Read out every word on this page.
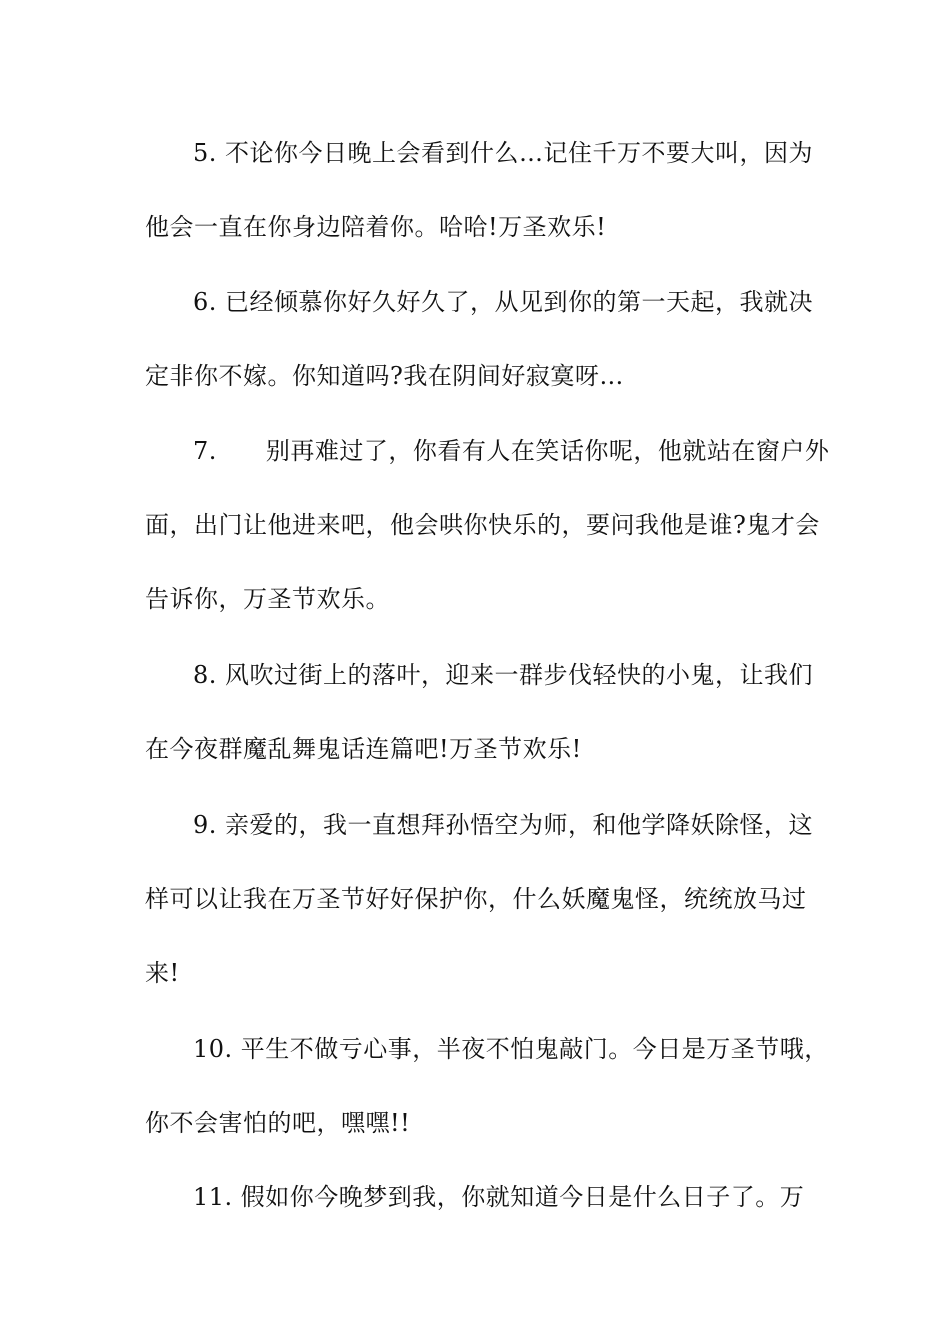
5. 不论你今日晚上会看到什么…记住千万不要大叫，因为
他会一直在你身边陪着你。哈哈!万圣欢乐!

6. 已经倾慕你好久好久了，从见到你的第一天起，我就决
定非你不嫁。你知道吗?我在阴间好寂寞呀…

7.　　别再难过了，你看有人在笑话你呢，他就站在窗户外
面，出门让他进来吧，他会哄你快乐的，要问我他是谁?鬼才会
告诉你，万圣节欢乐。

8. 风吹过街上的落叶，迎来一群步伐轻快的小鬼，让我们
在今夜群魔乱舞鬼话连篇吧!万圣节欢乐!

9. 亲爱的，我一直想拜孙悟空为师，和他学降妖除怪，这
样可以让我在万圣节好好保护你，什么妖魔鬼怪，统统放马过
来!

10. 平生不做亏心事，半夜不怕鬼敲门。今日是万圣节哦，
你不会害怕的吧，嘿嘿!!

11. 假如你今晚梦到我，你就知道今日是什么日子了。万
